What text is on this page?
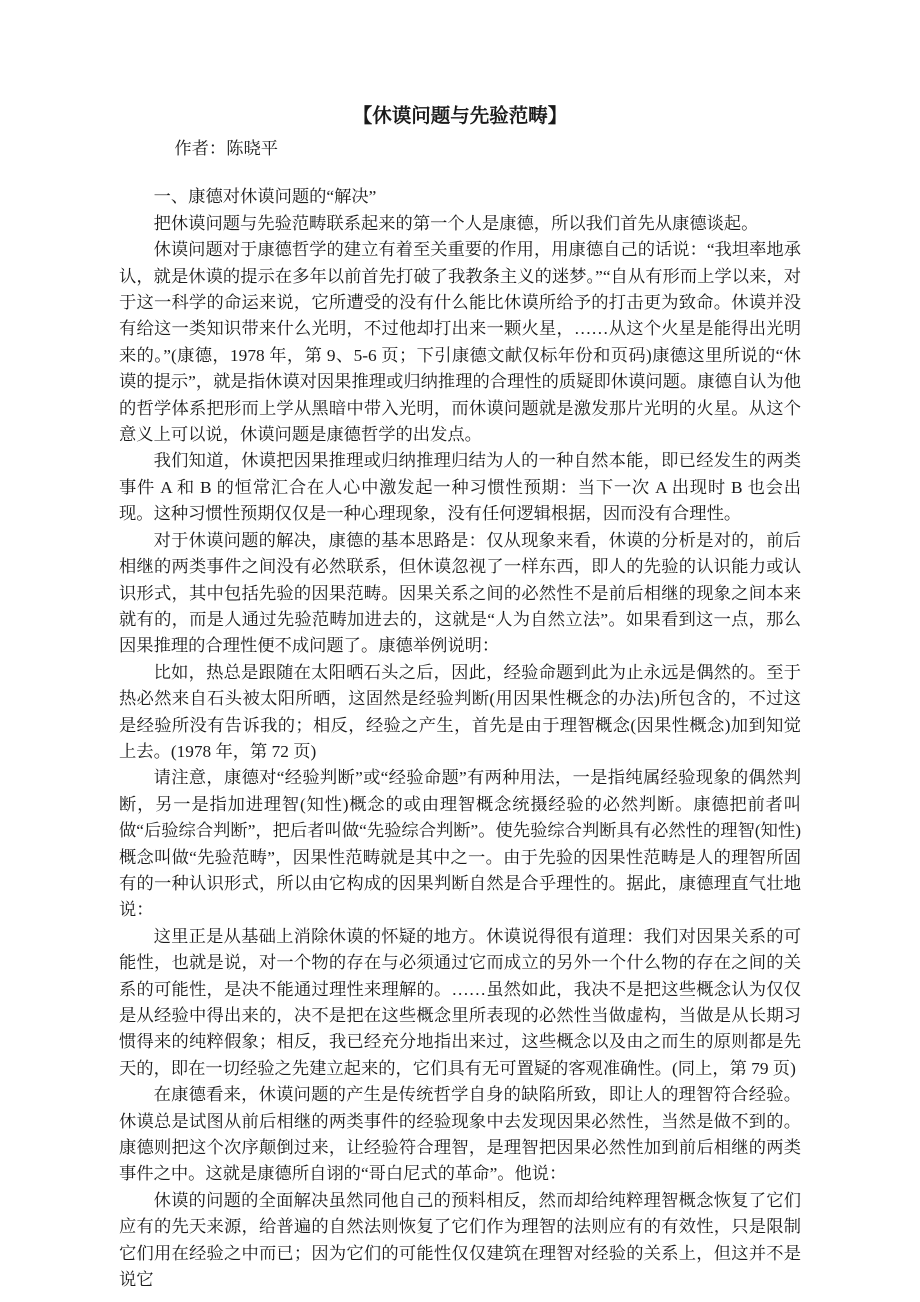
【休谟问题与先验范畴】

作者：陈晓平

一、康德对休谟问题的“解决”

把休谟问题与先验范畴联系起来的第一个人是康德，所以我们首先从康德谈起。

休谟问题对于康德哲学的建立有着至关重要的作用，用康德自己的话说：“我坦率地承认，就是休谟的提示在多年以前首先打破了我教条主义的迷梦。”“自从有形而上学以来，对于这一科学的命运来说，它所遭受的没有什么能比休谟所给予的打击更为致命。休谟并没有给这一类知识带来什么光明，不过他却打出来一颗火星，……从这个火星是能得出光明来的。”(康德，1978 年，第 9、5-6 页；下引康德文献仅标年份和页码)康德这里所说的“休谟的提示”，就是指休谟对因果推理或归纳推理的合理性的质疑即休谟问题。康德自认为他的哲学体系把形而上学从黑暗中带入光明，而休谟问题就是激发那片光明的火星。从这个意义上可以说，休谟问题是康德哲学的出发点。

我们知道，休谟把因果推理或归纳推理归结为人的一种自然本能，即已经发生的两类事件 A 和 B 的恒常汇合在人心中激发起一种习惯性预期：当下一次 A 出现时 B 也会出现。这种习惯性预期仅仅是一种心理现象，没有任何逻辑根据，因而没有合理性。

对于休谟问题的解决，康德的基本思路是：仅从现象来看，休谟的分析是对的，前后相继的两类事件之间没有必然联系，但休谟忽视了一样东西，即人的先验的认识能力或认识形式，其中包括先验的因果范畴。因果关系之间的必然性不是前后相继的现象之间本来就有的，而是人通过先验范畴加进去的，这就是“人为自然立法”。如果看到这一点，那么因果推理的合理性便不成问题了。康德举例说明：

比如，热总是跟随在太阳晒石头之后，因此，经验命题到此为止永远是偶然的。至于热必然来自石头被太阳所晒，这固然是经验判断(用因果性概念的办法)所包含的，不过这是经验所没有告诉我的；相反，经验之产生，首先是由于理智概念(因果性概念)加到知觉上去。(1978 年，第 72 页)

请注意，康德对“经验判断”或“经验命题”有两种用法，一是指纯属经验现象的偶然判断，另一是指加进理智(知性)概念的或由理智概念统摄经验的必然判断。康德把前者叫做“后验综合判断”，把后者叫做“先验综合判断”。使先验综合判断具有必然性的理智(知性)概念叫做“先验范畴”，因果性范畴就是其中之一。由于先验的因果性范畴是人的理智所固有的一种认识形式，所以由它构成的因果判断自然是合乎理性的。据此，康德理直气壮地说：

这里正是从基础上消除休谟的怀疑的地方。休谟说得很有道理：我们对因果关系的可能性，也就是说，对一个物的存在与必须通过它而成立的另外一个什么物的存在之间的关系的可能性，是决不能通过理性来理解的。……虽然如此，我决不是把这些概念认为仅仅是从经验中得出来的，决不是把在这些概念里所表现的必然性当做虚构，当做是从长期习惯得来的纯粹假象；相反，我已经充分地指出来过，这些概念以及由之而生的原则都是先天的，即在一切经验之先建立起来的，它们具有无可置疑的客观准确性。(同上，第 79 页)

在康德看来，休谟问题的产生是传统哲学自身的缺陷所致，即让人的理智符合经验。休谟总是试图从前后相继的两类事件的经验现象中去发现因果必然性，当然是做不到的。康德则把这个次序颠倒过来，让经验符合理智，是理智把因果必然性加到前后相继的两类事件之中。这就是康德所自诩的“哥白尼式的革命”。他说：

休谟的问题的全面解决虽然同他自己的预料相反，然而却给纯粹理智概念恢复了它们应有的先天来源，给普遍的自然法则恢复了它们作为理智的法则应有的有效性，只是限制它们用在经验之中而已；因为它们的可能性仅仅建筑在理智对经验的关系上，但这并不是说它
